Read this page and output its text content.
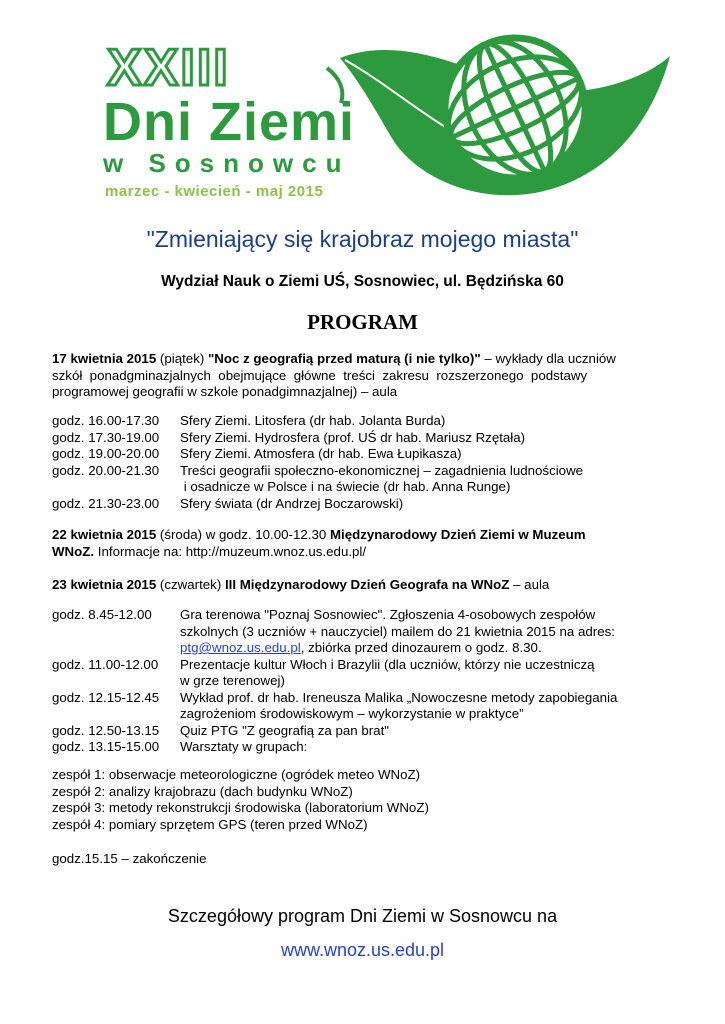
XXIII
Dni Ziemi
w Sosnowcu
marzec - kwiecień - maj 2015
"Zmieniający się krajobraz mojego miasta"
Wydział Nauk o Ziemi UŚ, Sosnowiec, ul. Będzińska 60
PROGRAM
17 kwietnia 2015 (piątek) "Noc z geografią przed maturą (i nie tylko)" – wykłady dla uczniów
szkół  ponadgminazjalnych  obejmujące  główne  treści  zakresu  rozszerzonego  podstawy
programowej geografii w szkole ponadgimnazjalnej) – aula
godz. 16.00-17.30 Sfery Ziemi. Litosfera (dr hab. Jolanta Burda)
godz. 17.30-19.00 Sfery Ziemi. Hydrosfera (prof. UŚ dr hab. Mariusz Rzętała)
godz. 19.00-20.00 Sfery Ziemi. Atmosfera (dr hab. Ewa Łupikasza)
godz. 20.00-21.30 Treści geografii społeczno-ekonomicznej – zagadnienia ludnościowe
i osadnicze w Polsce i na świecie (dr hab. Anna Runge)
godz. 21.30-23.00 Sfery świata (dr Andrzej Boczarowski)
22 kwietnia 2015 (środa) w godz. 10.00-12.30 Międzynarodowy Dzień Ziemi w Muzeum
WNoZ. Informacje na: http://muzeum.wnoz.us.edu.pl/
23 kwietnia 2015 (czwartek) III Międzynarodowy Dzień Geografa na WNoZ – aula
godz. 8.45-12.00 Gra terenowa "Poznaj Sosnowiec". Zgłoszenia 4-osobowych zespołów
szkolnych (3 uczniów + nauczyciel) mailem do 21 kwietnia 2015 na adres:
ptg@wnoz.us.edu.pl, zbiórka przed dinozaurem o godz. 8.30.
godz. 11.00-12.00 Prezentacje kultur Włoch i Brazylii (dla uczniów, którzy nie uczestniczą
w grze terenowej)
godz. 12.15-12.45 Wykład prof. dr hab. Ireneusza Malika „Nowoczesne metody zapobiegania
zagrożeniom środowiskowym – wykorzystanie w praktyce”
godz. 12.50-13.15 Quiz PTG "Z geografią za pan brat"
godz. 13.15-15.00 Warsztaty w grupach:
zespół 1: obserwacje meteorologiczne (ogródek meteo WNoZ)
zespół 2: analizy krajobrazu (dach budynku WNoZ)
zespół 3: metody rekonstrukcji środowiska (laboratorium WNoZ)
zespół 4: pomiary sprzętem GPS (teren przed WNoZ)
godz.15.15 – zakończenie
Szczegółowy program Dni Ziemi w Sosnowcu na
www.wnoz.us.edu.pl
